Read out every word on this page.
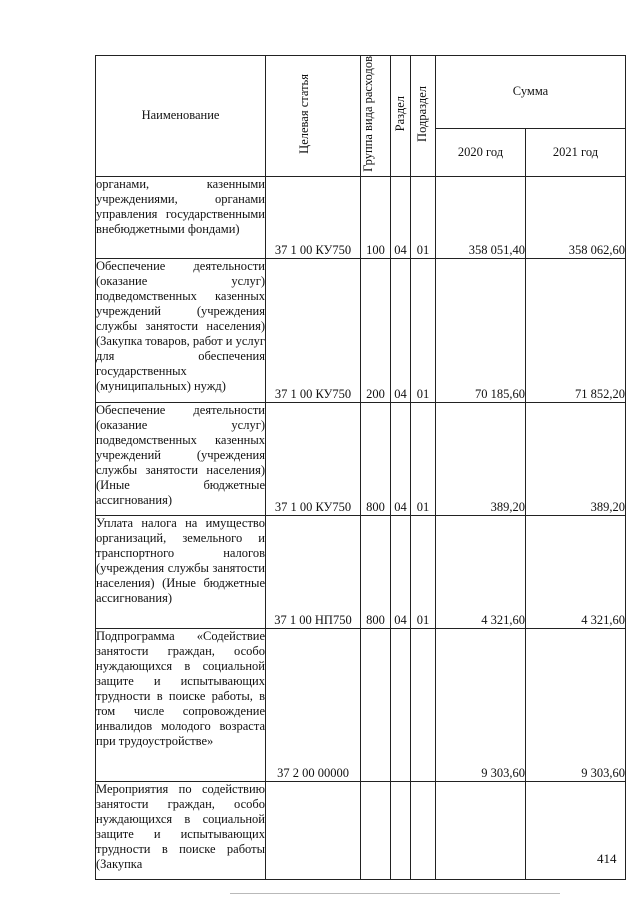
Наименование	Целевая статья	Группа вида расходов	Раздел	Подраздел	Сумма	
					2020 год	2021 год
органами, казенными учреждениями, органами управления государственными внебюджетными фондами)	37 1 00 КУ750	100	04	01	358 051,40	358 062,60
Обеспечение деятельности (оказание услуг) подведомственных казенных учреждений (учреждения службы занятости населения) (Закупка товаров, работ и услуг для обеспечения государственных (муниципальных) нужд)	37 1 00 КУ750	200	04	01	70 185,60	71 852,20
Обеспечение деятельности (оказание услуг) подведомственных казенных учреждений (учреждения службы занятости населения) (Иные бюджетные ассигнования)	37 1 00 КУ750	800	04	01	389,20	389,20
Уплата налога на имущество организаций, земельного и транспортного налогов (учреждения службы занятости населения) (Иные бюджетные ассигнования)	37 1 00 НП750	800	04	01	4 321,60	4 321,60
Подпрограмма «Содействие занятости граждан, особо нуждающихся в социальной защите и испытывающих трудности в поиске работы, в том числе сопровождение инвалидов молодого возраста при трудоустройстве»	37 2 00 00000				9 303,60	9 303,60
Мероприятия по содействию занятости граждан, особо нуждающихся в социальной защите и испытывающих трудности в поиске работы (Закупка							414
